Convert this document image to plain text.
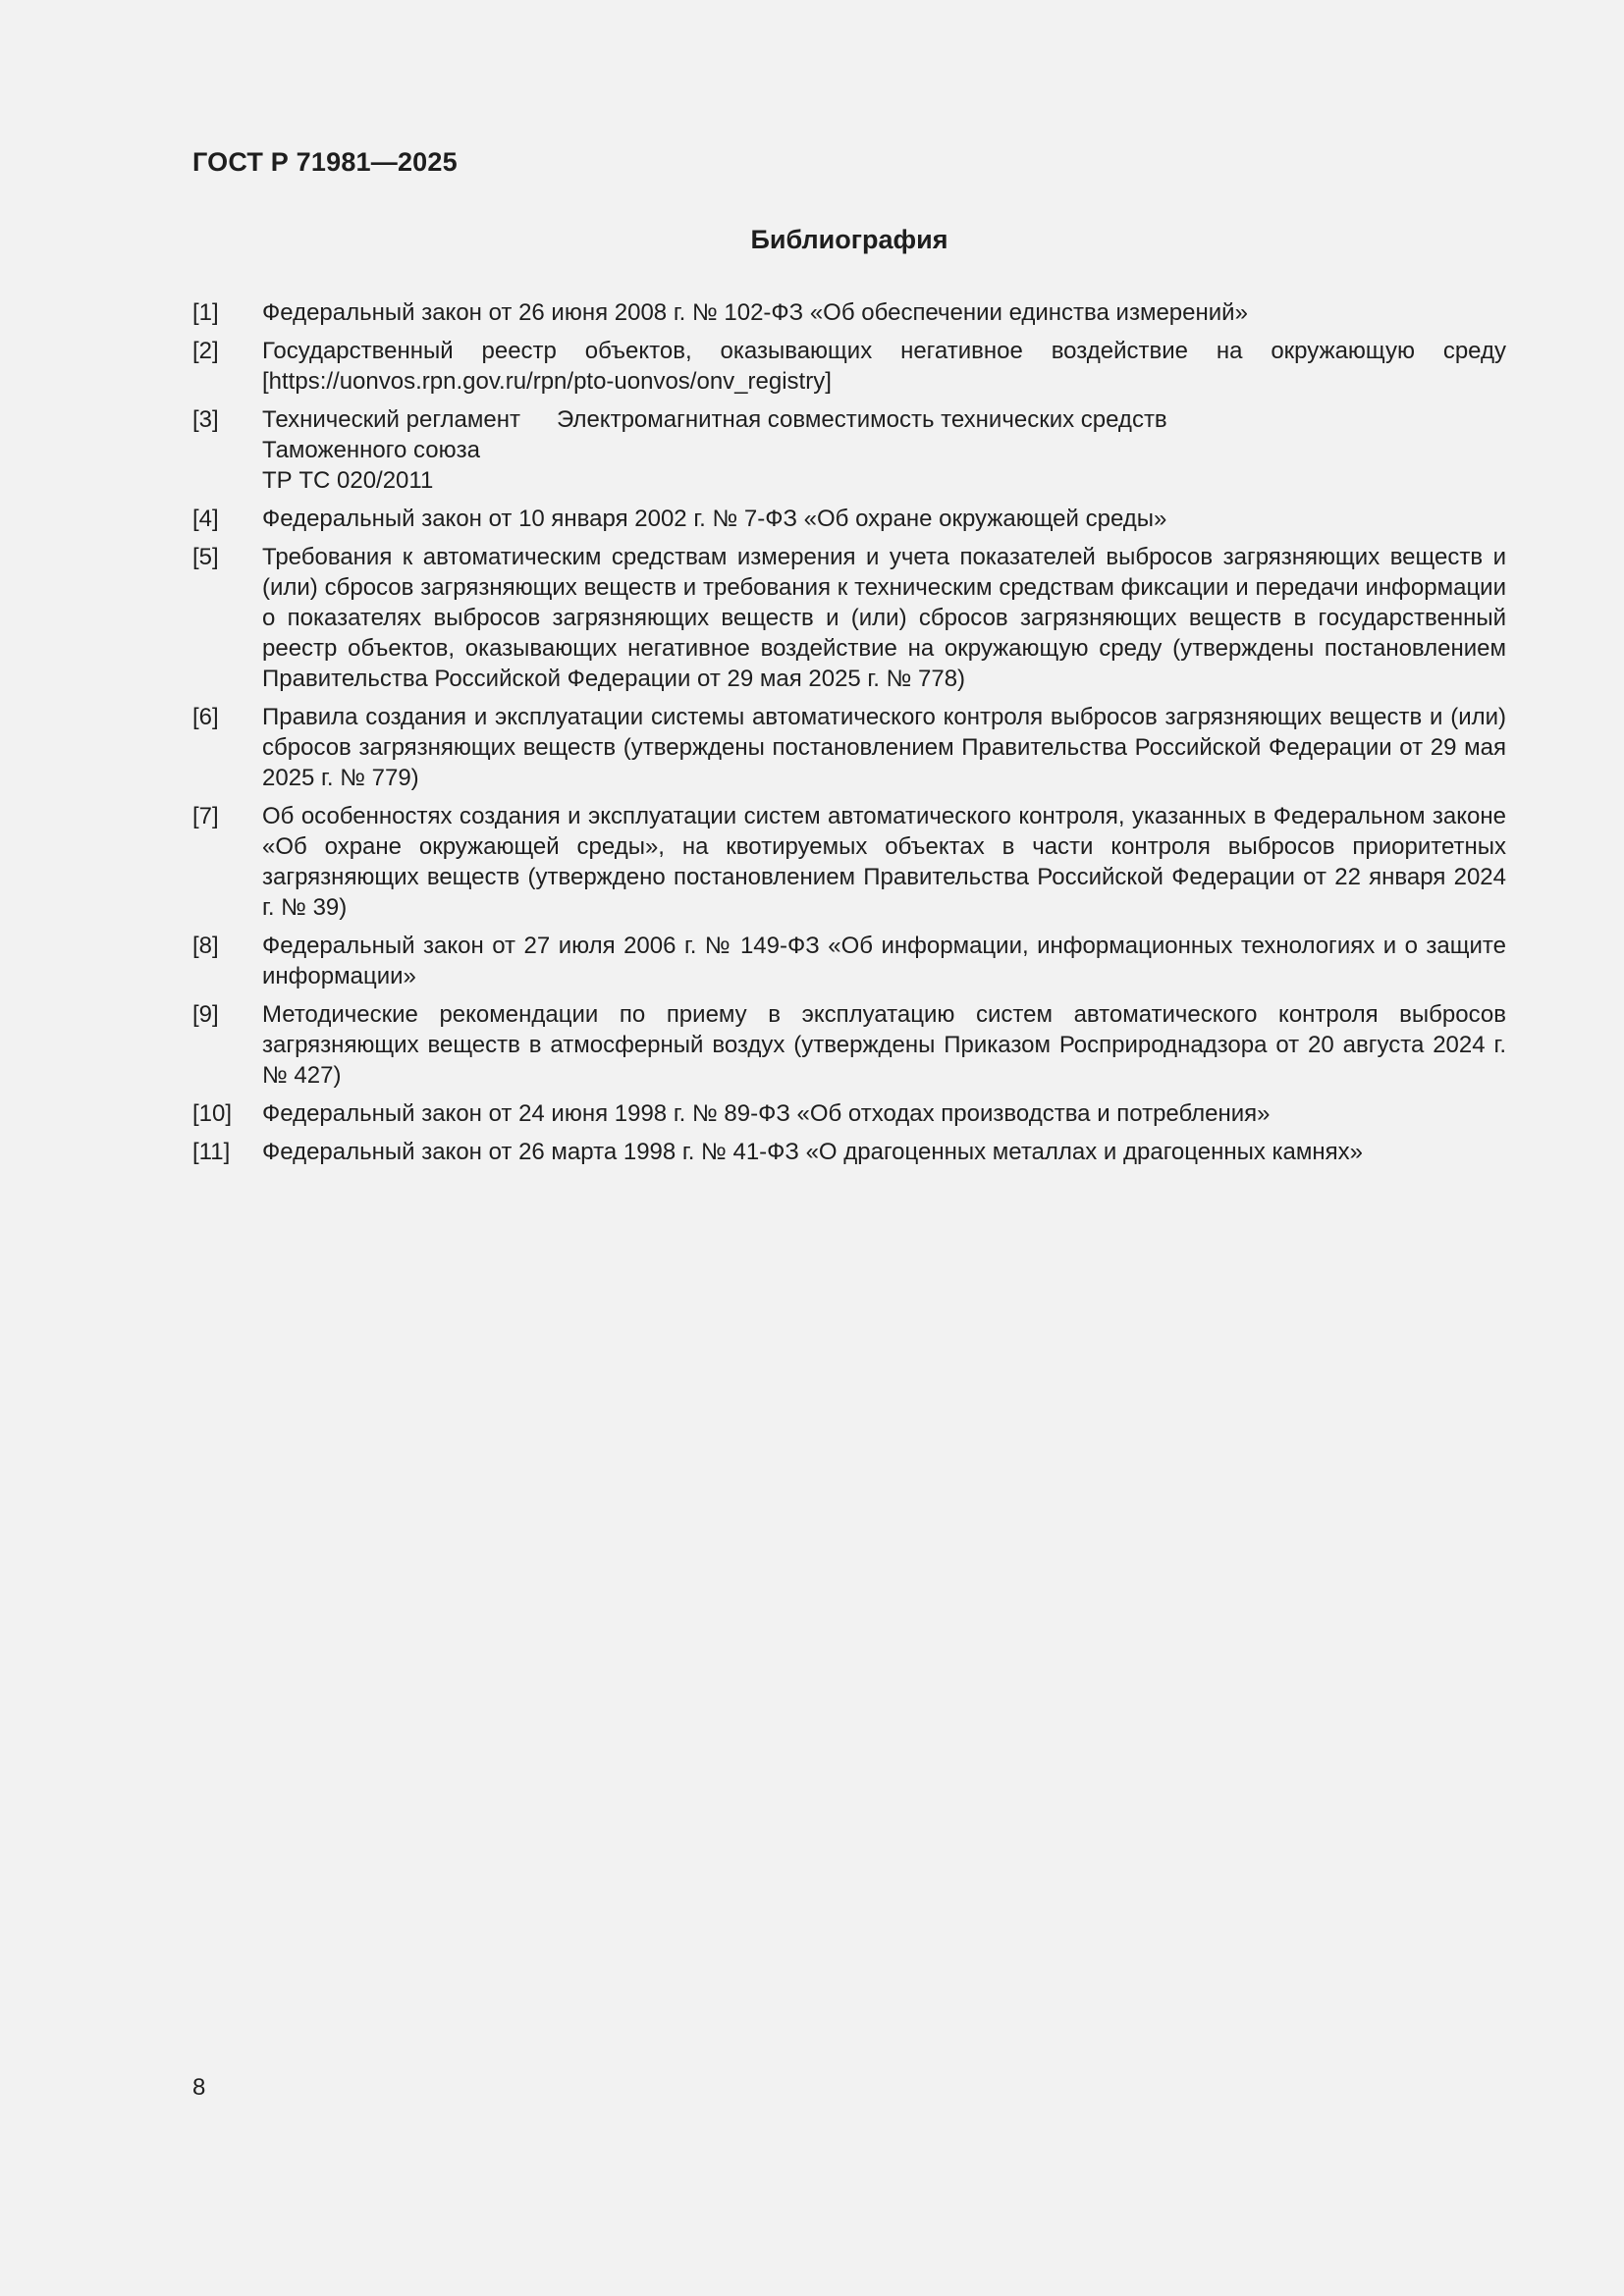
ГОСТ Р 71981—2025
Библиография
[1]	Федеральный закон от 26 июня 2008 г. № 102-ФЗ «Об обеспечении единства измерений»
[2]	Государственный реестр объектов, оказывающих негативное воздействие на окружающую среду [https://uonvos.rpn.gov.ru/rpn/pto-uonvos/onv_registry]
[3]	Технический регламент	Электромагнитная совместимость технических средств
Таможенного союза
ТР ТС 020/2011
[4]	Федеральный закон от 10 января 2002 г. № 7-ФЗ «Об охране окружающей среды»
[5]	Требования к автоматическим средствам измерения и учета показателей выбросов загрязняющих веществ и (или) сбросов загрязняющих веществ и требования к техническим средствам фиксации и передачи информации о показателях выбросов загрязняющих веществ и (или) сбросов загрязняющих веществ в государственный реестр объектов, оказывающих негативное воздействие на окружающую среду (утверждены постановлением Правительства Российской Федерации от 29 мая 2025 г. № 778)
[6]	Правила создания и эксплуатации системы автоматического контроля выбросов загрязняющих веществ и (или) сбросов загрязняющих веществ (утверждены постановлением Правительства Российской Федерации от 29 мая 2025 г. № 779)
[7]	Об особенностях создания и эксплуатации систем автоматического контроля, указанных в Федеральном законе «Об охране окружающей среды», на квотируемых объектах в части контроля выбросов приоритетных загрязняющих веществ (утверждено постановлением Правительства Российской Федерации от 22 января 2024 г. № 39)
[8]	Федеральный закон от 27 июля 2006 г. № 149-ФЗ «Об информации, информационных технологиях и о защите информации»
[9]	Методические рекомендации по приему в эксплуатацию систем автоматического контроля выбросов загрязняющих веществ в атмосферный воздух (утверждены Приказом Росприроднадзора от 20 августа 2024 г. № 427)
[10]	Федеральный закон от 24 июня 1998 г. № 89-ФЗ «Об отходах производства и потребления»
[11]	Федеральный закон от 26 марта 1998 г. № 41-ФЗ «О драгоценных металлах и драгоценных камнях»
8
